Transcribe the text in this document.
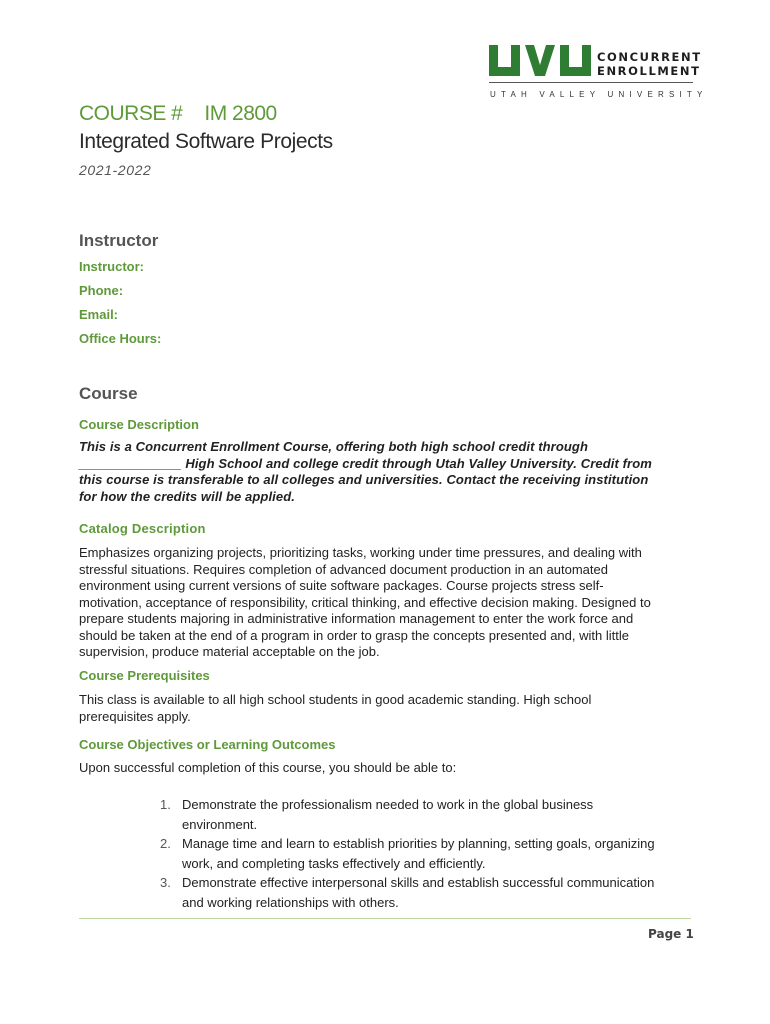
CONCURRENT
ENROLLMENT
UTAH VALLEY UNIVERSITY
COURSE # IM 2800
Integrated Software Projects
2021-2022
Instructor
Instructor:
Phone:
Email:
Office Hours:
Course
Course Description
This is a Concurrent Enrollment Course, offering both high school credit through
______________ High School and college credit through Utah Valley University. Credit from
this course is transferable to all colleges and universities. Contact the receiving institution
for how the credits will be applied.
Catalog Description
Emphasizes organizing projects, prioritizing tasks, working under time pressures, and dealing with
stressful situations. Requires completion of advanced document production in an automated
environment using current versions of suite software packages. Course projects stress self-
motivation, acceptance of responsibility, critical thinking, and effective decision making. Designed to
prepare students majoring in administrative information management to enter the work force and
should be taken at the end of a program in order to grasp the concepts presented and, with little
supervision, produce material acceptable on the job.
Course Prerequisites
This class is available to all high school students in good academic standing. High school
prerequisites apply.
Course Objectives or Learning Outcomes
Upon successful completion of this course, you should be able to:
1. Demonstrate the professionalism needed to work in the global business
environment.
2. Manage time and learn to establish priorities by planning, setting goals, organizing
work, and completing tasks effectively and efficiently.
3. Demonstrate effective interpersonal skills and establish successful communication
and working relationships with others.
Page 1
